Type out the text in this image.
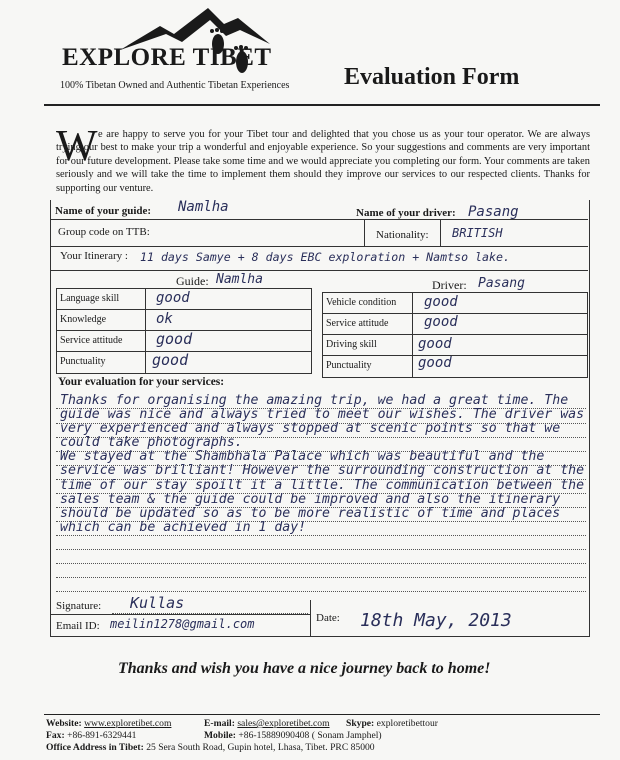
EXPLORE TIBET
100% Tibetan Owned and Authentic Tibetan Experiences Evaluation Form
W e are happy to serve you for your Tibet tour and delighted that you chose us as your tour operator. We are always trying our best to make your trip a wonderful and enjoyable experience. So your suggestions and comments are very important for our future development. Please take some time and we would appreciate you completing our form. Your comments are taken seriously and we will take the time to implement them should they improve our services to our respected clients. Thanks for supporting our venture.
Name of your guide: Namlha	Name of your driver: Pasang
Group code on TTB:	Nationality: BRITISH
Your Itinerary : 11 days Samye + 8 days EBC exploration + Namtso lake.
Guide: Namlha	Driver: Pasang
Language skill	good
Knowledge	ok
Service attitude good
Punctuality	good
Vehicle condition good
Service attitude	good
Driving skill	good
Punctuality	good
Your evaluation for your services:

Thanks for organising the amazing trip, we had a great time. The guide was nice and always tried to meet our wishes. The driver was very experienced and always stopped at scenic points so that we could take photographs.

We stayed at the Shambhala Palace which was beautiful and the service was brilliant! However the surrounding construction at the time of our stay spoilt it a little. The communication between the sales team & the guide could be improved and also the itinerary should be updated so as to be more realistic of time and places which can be achieved in 1 day!

Signature: Kullas
Email ID: meilin1278@gmail.com	Date: 18th May, 2013
Thanks and wish you have a nice journey back to home!
Website: www.exploretibet.com	E-mail: sales@exploretibet.com Skype: exploretibettour
Fax: +86-891-6329441	Mobile: +86-15889090408 ( Sonam Jamphel)
Office Address in Tibet: 25 Sera South Road, Gupin hotel, Lhasa, Tibet. PRC 85000
